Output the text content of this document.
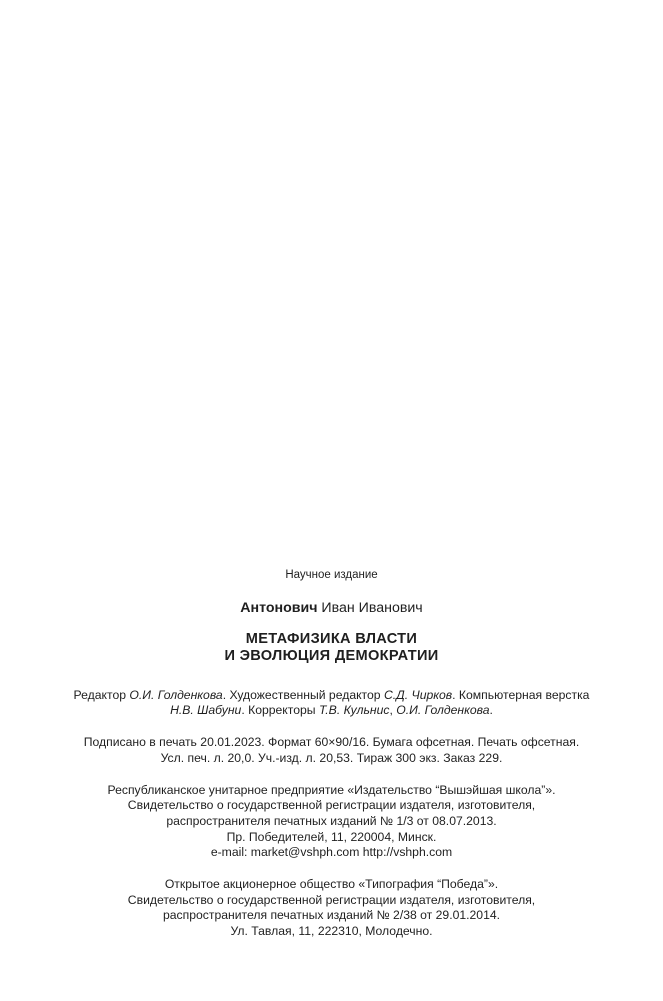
Научное издание

Антонович Иван Иванович

МЕТАФИЗИКА ВЛАСТИ
И ЭВОЛЮЦИЯ ДЕМОКРАТИИ

Редактор О.И. Голденкова. Художественный редактор С.Д. Чирков. Компьютерная верстка
Н.В. Шабуни. Корректоры Т.В. Кульнис, О.И. Голденкова.

Подписано в печать 20.01.2023. Формат 60×90/16. Бумага офсетная. Печать офсетная.

Усл. печ. л. 20,0. Уч.-изд. л. 20,53. Тираж 300 экз. Заказ 229.

Республиканское унитарное предприятие «Издательство “Вышэйшая школа”».

Свидетельство о государственной регистрации издателя, изготовителя,

распространителя печатных изданий № 1/3 от 08.07.2013.

Пр. Победителей, 11, 220004, Минск.

e-mail: market@vshph.com http://vshph.com

Открытое акционерное общество «Типография “Победа”».

Свидетельство о государственной регистрации издателя, изготовителя,

распространителя печатных изданий № 2/38 от 29.01.2014.

Ул. Тавлая, 11, 222310, Молодечно.
